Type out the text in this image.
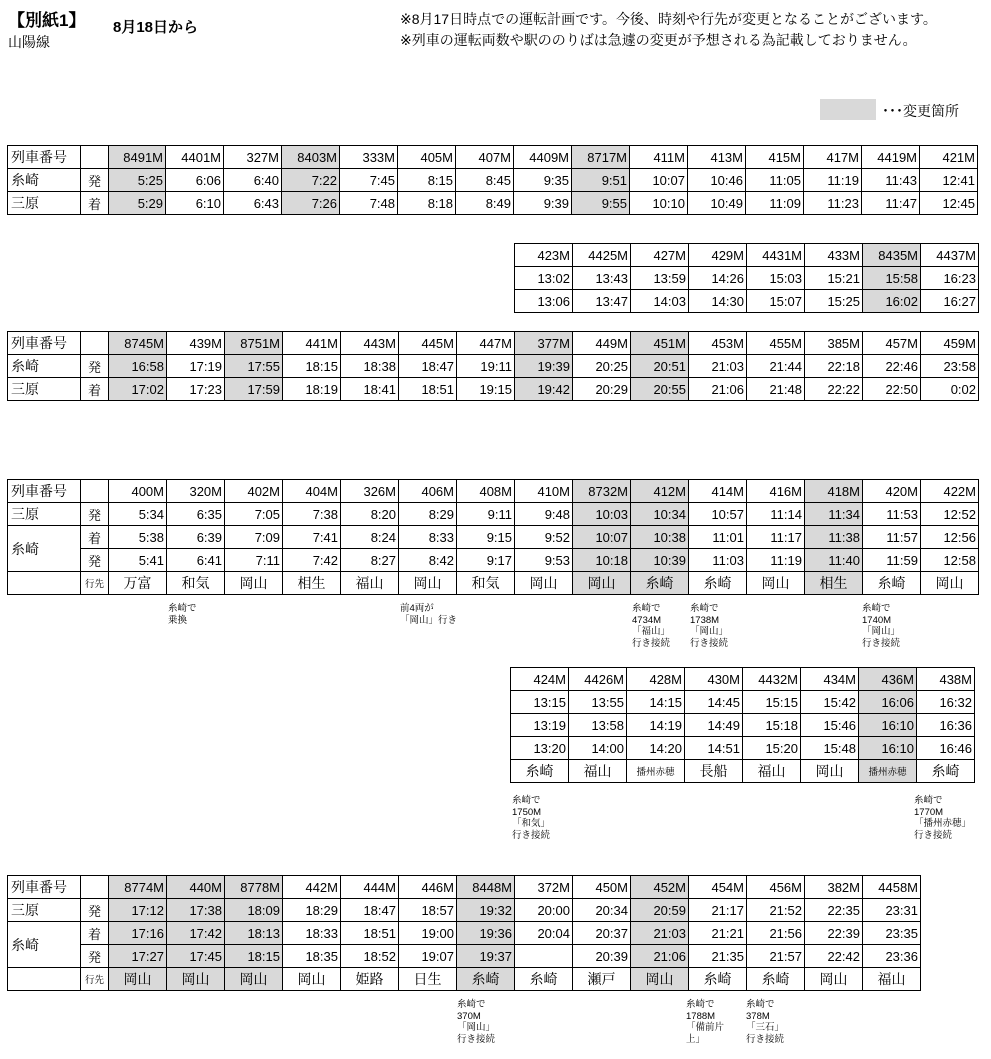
【別紙1】 8月18日から
山陽線
※8月17日時点での運転計画です。今後、時刻や行先が変更となることがございます。
※列車の運転両数や駅ののりばは急遽の変更が予想される為記載しておりません。
･･･変更箇所
列車番号		8491M	4401M	327M	8403M	333M	405M	407M	4409M	8717M	411M	413M	415M	417M	4419M	421M
糸崎	発	5:25	6:06	6:40	7:22	7:45	8:15	8:45	9:35	9:51	10:07	10:46	11:05	11:19	11:43	12:41
三原	着	5:29	6:10	6:43	7:26	7:48	8:18	8:49	9:39	9:55	10:10	10:49	11:09	11:23	11:47	12:45
423M	4425M	427M	429M	4431M	433M	8435M	4437M
13:02	13:43	13:59	14:26	15:03	15:21	15:58	16:23
13:06	13:47	14:03	14:30	15:07	15:25	16:02	16:27
列車番号		8745M	439M	8751M	441M	443M	445M	447M	377M	449M	451M	453M	455M	385M	457M	459M
糸崎	発	16:58	17:19	17:55	18:15	18:38	18:47	19:11	19:39	20:25	20:51	21:03	21:44	22:18	22:46	23:58
三原	着	17:02	17:23	17:59	18:19	18:41	18:51	19:15	19:42	20:29	20:55	21:06	21:48	22:22	22:50	0:02
列車番号		400M	320M	402M	404M	326M	406M	408M	410M	8732M	412M	414M	416M	418M	420M	422M
三原	発	5:34	6:35	7:05	7:38	8:20	8:29	9:11	9:48	10:03	10:34	10:57	11:14	11:34	11:53	12:52
糸崎	着	5:38	6:39	7:09	7:41	8:24	8:33	9:15	9:52	10:07	10:38	11:01	11:17	11:38	11:57	12:56
	発	5:41	6:41	7:11	7:42	8:27	8:42	9:17	9:53	10:18	10:39	11:03	11:19	11:40	11:59	12:58
	行先	万富	和気	岡山	相生	福山	岡山	和気	岡山	岡山	糸崎	糸崎	岡山	相生	糸崎	岡山
424M	4426M	428M	430M	4432M	434M	436M	438M
13:15	13:55	14:15	14:45	15:15	15:42	16:06	16:32
13:19	13:58	14:19	14:49	15:18	15:46	16:10	16:36
13:20	14:00	14:20	14:51	15:20	15:48	16:10	16:46
糸崎	福山	播州赤穂	長船	福山	岡山	播州赤穂	糸崎
列車番号		8774M	440M	8778M	442M	444M	446M	8448M	372M	450M	452M	454M	456M	382M	4458M
三原	発	17:12	17:38	18:09	18:29	18:47	18:57	19:32	20:00	20:34	20:59	21:17	21:52	22:35	23:31
糸崎	着	17:16	17:42	18:13	18:33	18:51	19:00	19:36	20:04	20:37	21:03	21:21	21:56	22:39	23:35
	発	17:27	17:45	18:15	18:35	18:52	19:07	19:37		20:39	21:06	21:35	21:57	22:42	23:36
	行先	岡山	岡山	岡山	岡山	姫路	日生	糸崎	糸崎	瀬戸	岡山	糸崎	糸崎	岡山	福山
糸崎で
乗換
前4両が
「岡山」行き
糸崎で
4734M
「福山」
行き接続
糸崎で
1738M
「岡山」
行き接続
糸崎で
1740M
「岡山」
行き接続
糸崎で
1750M
「和気」
行き接続
糸崎で
1770M
「播州赤穂」
行き接続
糸崎で
370M
「岡山」
行き接続
糸崎で
1788M
「備前片
上」
糸崎で
378M
「三石」
行き接続
